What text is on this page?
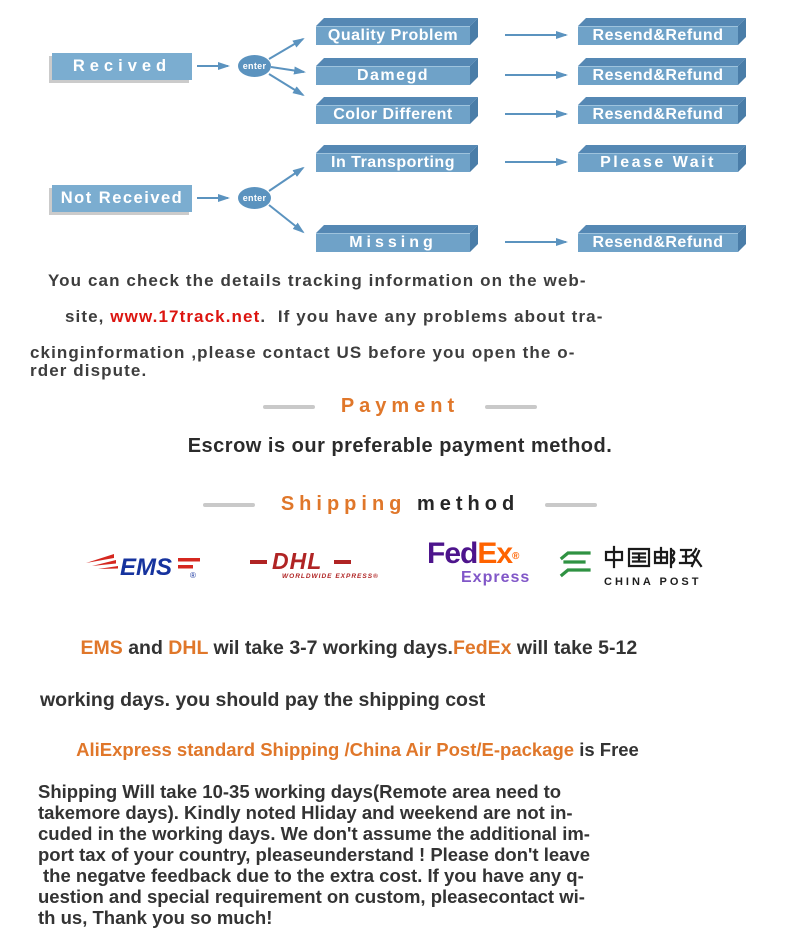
Recived	enter
Quality Problem
Damegd
Color Different
Resend&Refund
Resend&Refund
Resend&Refund
Not Received	enter
In Transporting	Please Wait
Missing	Resend&Refund
You can check the details tracking information on the web-

site, www.17track.net.  If you have any problems about tra-

ckinginformation ,please contact US before you open the o-
rder dispute.
Payment
Escrow is our preferable payment method.
Shipping method
EMS ®
DHL
WORLDWIDE EXPRESS®
FedEx®
Express	CHINA POST

EMS and DHL wil take 3-7 working days.FedEx will take 5-12

working days. you should pay the shipping cost

AliExpress standard Shipping /China Air Post/E-package is Free

Shipping Will take 10-35 working days(Remote area need to
takemore days). Kindly noted Hliday and weekend are not in-
cuded in the working days. We don't assume the additional im-
port tax of your country, pleaseunderstand ! Please don't leave
the negatve feedback due to the extra cost. If you have any q-
uestion and special requirement on custom, pleasecontact wi-
th us, Thank you so much!
